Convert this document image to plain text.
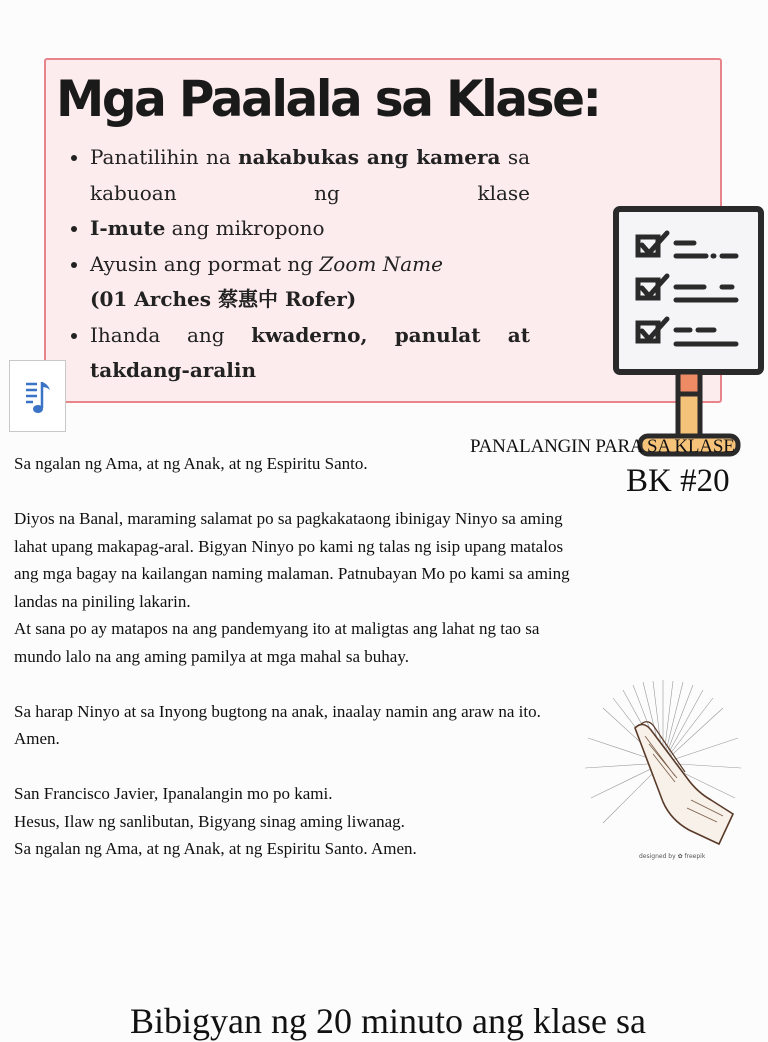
Mga Paalala sa Klase:
• Panatilihin na nakabukas ang kamera sa kabuoan ng klase
• I-mute ang mikropono
• Ayusin ang pormat ng Zoom Name
(01 Arches 蔡惠中 Rofer)
• Ihanda ang kwaderno, panulat at takdang-aralin
PANALANGIN PARA SA KLASE
BK #20

Sa ngalan ng Ama, at ng Anak, at ng Espiritu Santo.

Diyos na Banal, maraming salamat po sa pagkakataong ibinigay Ninyo sa aming

lahat upang makapag-aral. Bigyan Ninyo po kami ng talas ng isip upang matalos

ang mga bagay na kailangan naming malaman. Patnubayan Mo po kami sa aming

landas na piniling lakarin.

At sana po ay matapos na ang pandemyang ito at maligtas ang lahat ng tao sa

mundo lalo na ang aming pamilya at mga mahal sa buhay.

Sa harap Ninyo at sa Inyong bugtong na anak, inaalay namin ang araw na ito.

Amen.

San Francisco Javier, Ipanalangin mo po kami.

Hesus, Ilaw ng sanlibutan, Bigyang sinag aming liwanag.

Sa ngalan ng Ama, at ng Anak, at ng Espiritu Santo. Amen.	designed by ✿ freepik
Bibigyan ng 20 minuto ang klase sa
